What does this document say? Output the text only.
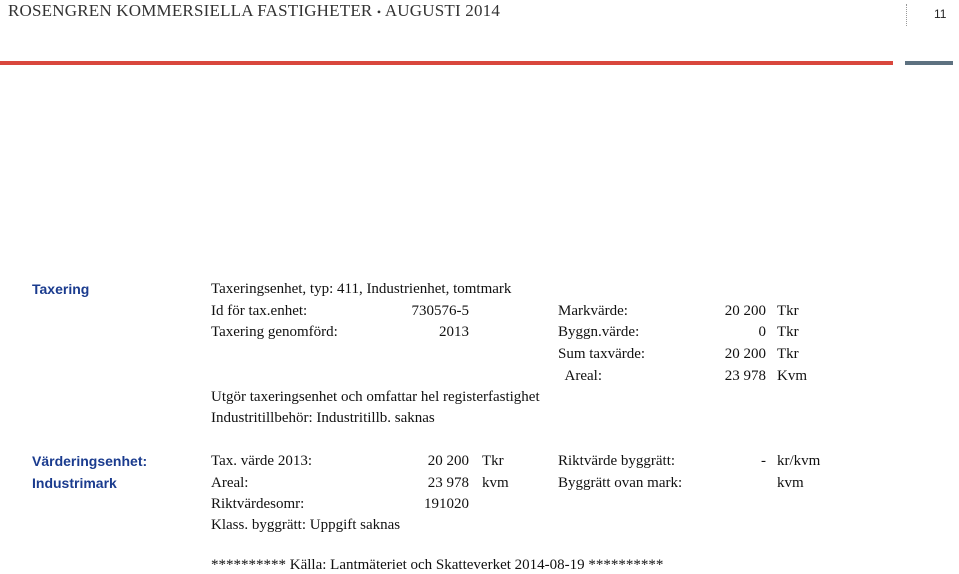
ROSENGREN KOMMERSIELLA FASTIGHETER • AUGUSTI 2014	11
Taxering	Taxeringsenhet, typ: 411, Industrienhet, tomtmark
Id för tax.enhet:	730576-5	Markvärde:	20 200 Tkr
Taxering genomförd:	2013	Byggn.värde:	0 Tkr
Sum taxvärde:	20 200 Tkr
Areal:	23 978 Kvm
Utgör taxeringsenhet och omfattar hel registerfastighet
Industritillbehör: Industritillb. saknas
Värderingsenhet:
Industrimark
Tax. värde 2013:	20 200 Tkr	Riktvärde byggrätt:	- kr/kvm
Areal:	23 978 kvm	Byggrätt ovan mark:	kvm
Riktvärdesomr:	191020
Klass. byggrätt: Uppgift saknas
********** Källa: Lantmäteriet och Skatteverket 2014-08-19 **********
